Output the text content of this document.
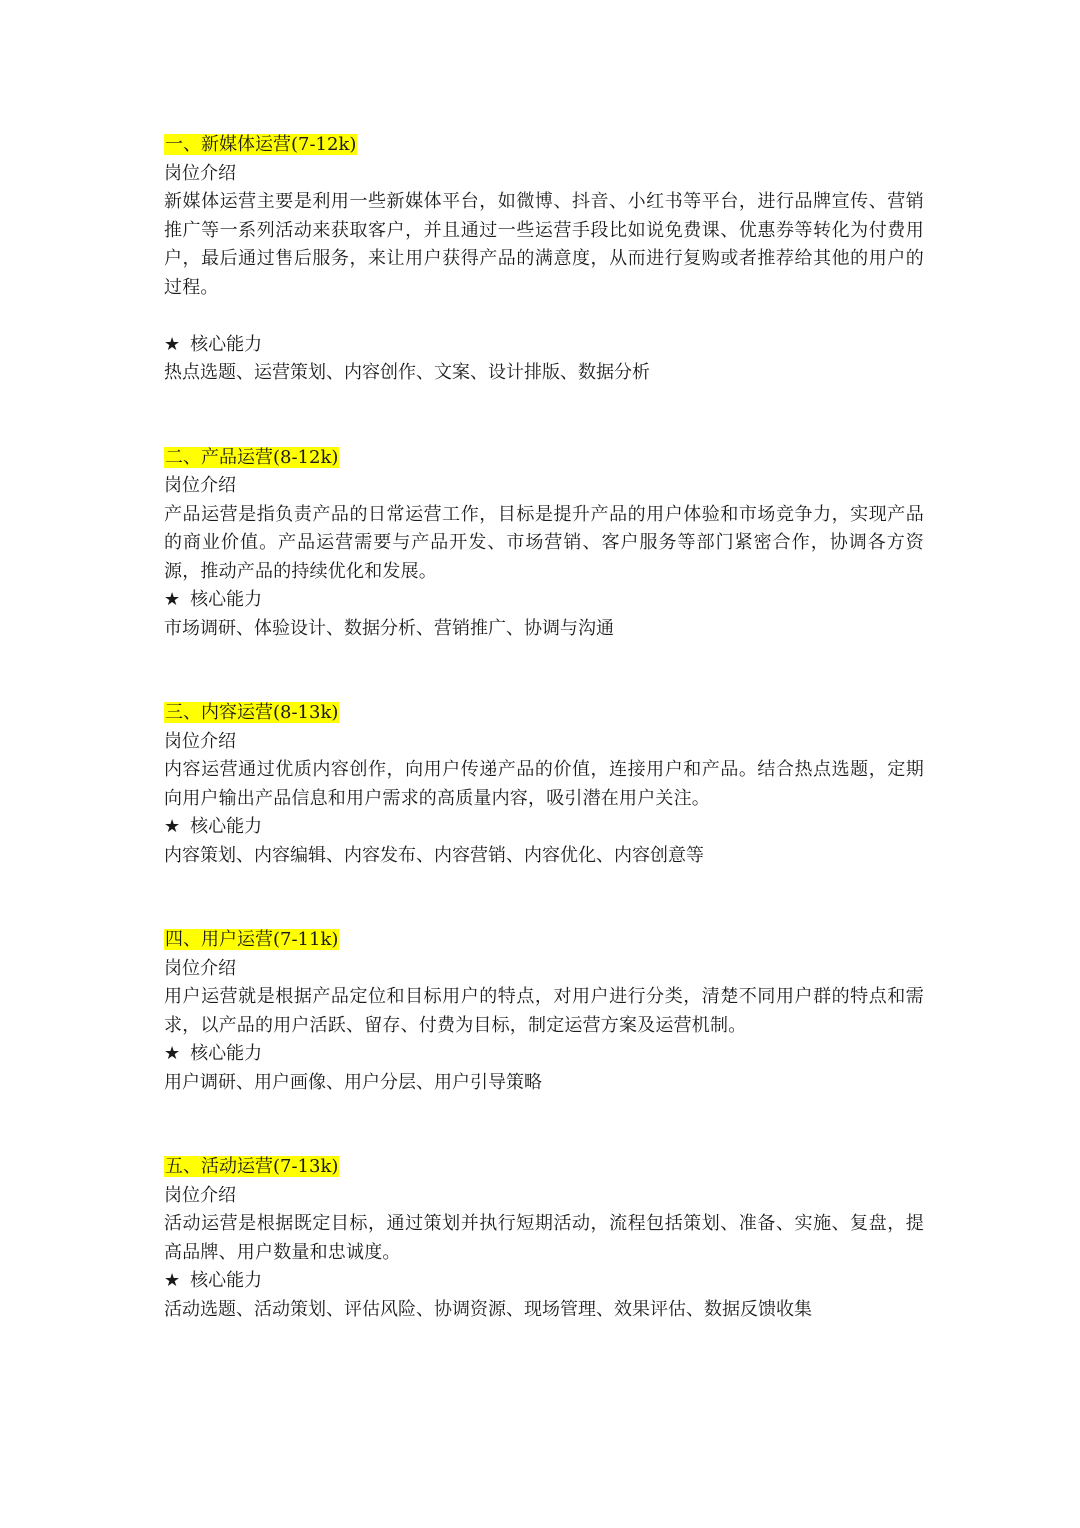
一、新媒体运营(7-12k)
岗位介绍
新媒体运营主要是利用一些新媒体平台，如微博、抖音、小红书等平台，进行品牌宣传、营销推广等一系列活动来获取客户，并且通过一些运营手段比如说免费课、优惠券等转化为付费用户，最后通过售后服务，来让用户获得产品的满意度，从而进行复购或者推荐给其他的用户的过程。
★ 核心能力
热点选题、运营策划、内容创作、文案、设计排版、数据分析
二、产品运营(8-12k)
岗位介绍
产品运营是指负责产品的日常运营工作，目标是提升产品的用户体验和市场竞争力，实现产品的商业价值。产品运营需要与产品开发、市场营销、客户服务等部门紧密合作，协调各方资源，推动产品的持续优化和发展。
★ 核心能力
市场调研、体验设计、数据分析、营销推广、协调与沟通
三、内容运营(8-13k)
岗位介绍
内容运营通过优质内容创作，向用户传递产品的价值，连接用户和产品。结合热点选题，定期向用户输出产品信息和用户需求的高质量内容，吸引潜在用户关注。
★ 核心能力
内容策划、内容编辑、内容发布、内容营销、内容优化、内容创意等
四、用户运营(7-11k)
岗位介绍
用户运营就是根据产品定位和目标用户的特点，对用户进行分类，清楚不同用户群的特点和需求，以产品的用户活跃、留存、付费为目标，制定运营方案及运营机制。
★ 核心能力
用户调研、用户画像、用户分层、用户引导策略
五、活动运营(7-13k)
岗位介绍
活动运营是根据既定目标，通过策划并执行短期活动，流程包括策划、准备、实施、复盘，提高品牌、用户数量和忠诚度。
★ 核心能力
活动选题、活动策划、评估风险、协调资源、现场管理、效果评估、数据反馈收集
